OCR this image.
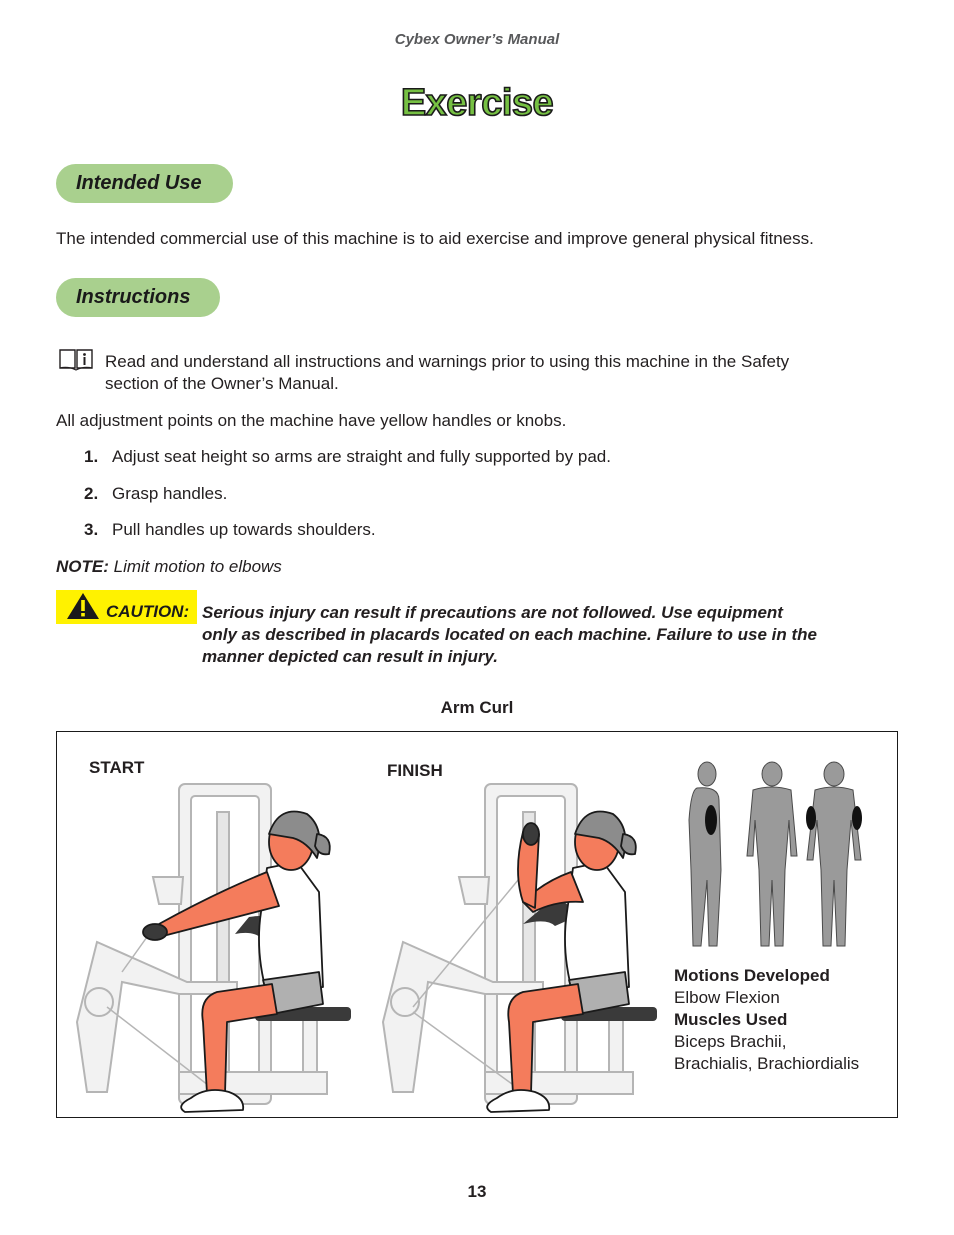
Cybex Owner’s Manual
Exercise
Intended Use
The intended commercial use of this machine is to aid exercise and improve general physical fitness.
Instructions
Read and understand all instructions and warnings prior to using this machine in the Safety
section of the Owner’s Manual.
All adjustment points on the machine have yellow handles or knobs.
1. Adjust seat height so arms are straight and fully supported by pad.
2. Grasp handles.
3. Pull handles up towards shoulders.
NOTE: Limit motion to elbows
CAUTION: Serious injury can result if precautions are not followed. Use equipment
only as described in placards located on each machine. Failure to use in the
manner depicted can result in injury.
Arm Curl
START	FINISH
Motions Developed
Elbow Flexion
Muscles Used
Biceps Brachii,
Brachialis, Brachiordialis
13
